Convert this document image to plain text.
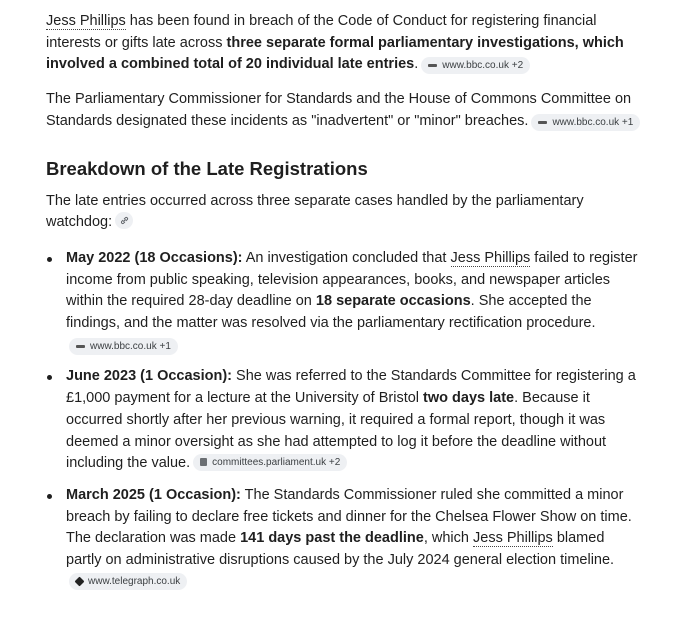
Jess Phillips has been found in breach of the Code of Conduct for registering financial interests or gifts late across three separate formal parliamentary investigations, which involved a combined total of 20 individual late entries. www.bbc.co.uk +2

The Parliamentary Commissioner for Standards and the House of Commons Committee on Standards designated these incidents as "inadvertent" or "minor" breaches. www.bbc.co.uk +1

Breakdown of the Late Registrations

The late entries occurred across three separate cases handled by the parliamentary watchdog:

May 2022 (18 Occasions): An investigation concluded that Jess Phillips failed to register income from public speaking, television appearances, books, and newspaper articles within the required 28-day deadline on 18 separate occasions. She accepted the findings, and the matter was resolved via the parliamentary rectification procedure.
www.bbc.co.uk +1
June 2023 (1 Occasion): She was referred to the Standards Committee for registering a £1,000 payment for a lecture at the University of Bristol two days late. Because it occurred shortly after her previous warning, it required a formal report, though it was deemed a minor oversight as she had attempted to log it before the deadline without including the value. committees.parliament.uk +2
March 2025 (1 Occasion): The Standards Commissioner ruled she committed a minor breach by failing to declare free tickets and dinner for the Chelsea Flower Show on time. The declaration was made 141 days past the deadline, which Jess Phillips blamed partly on administrative disruptions caused by the July 2024 general election timeline.
www.telegraph.co.uk
